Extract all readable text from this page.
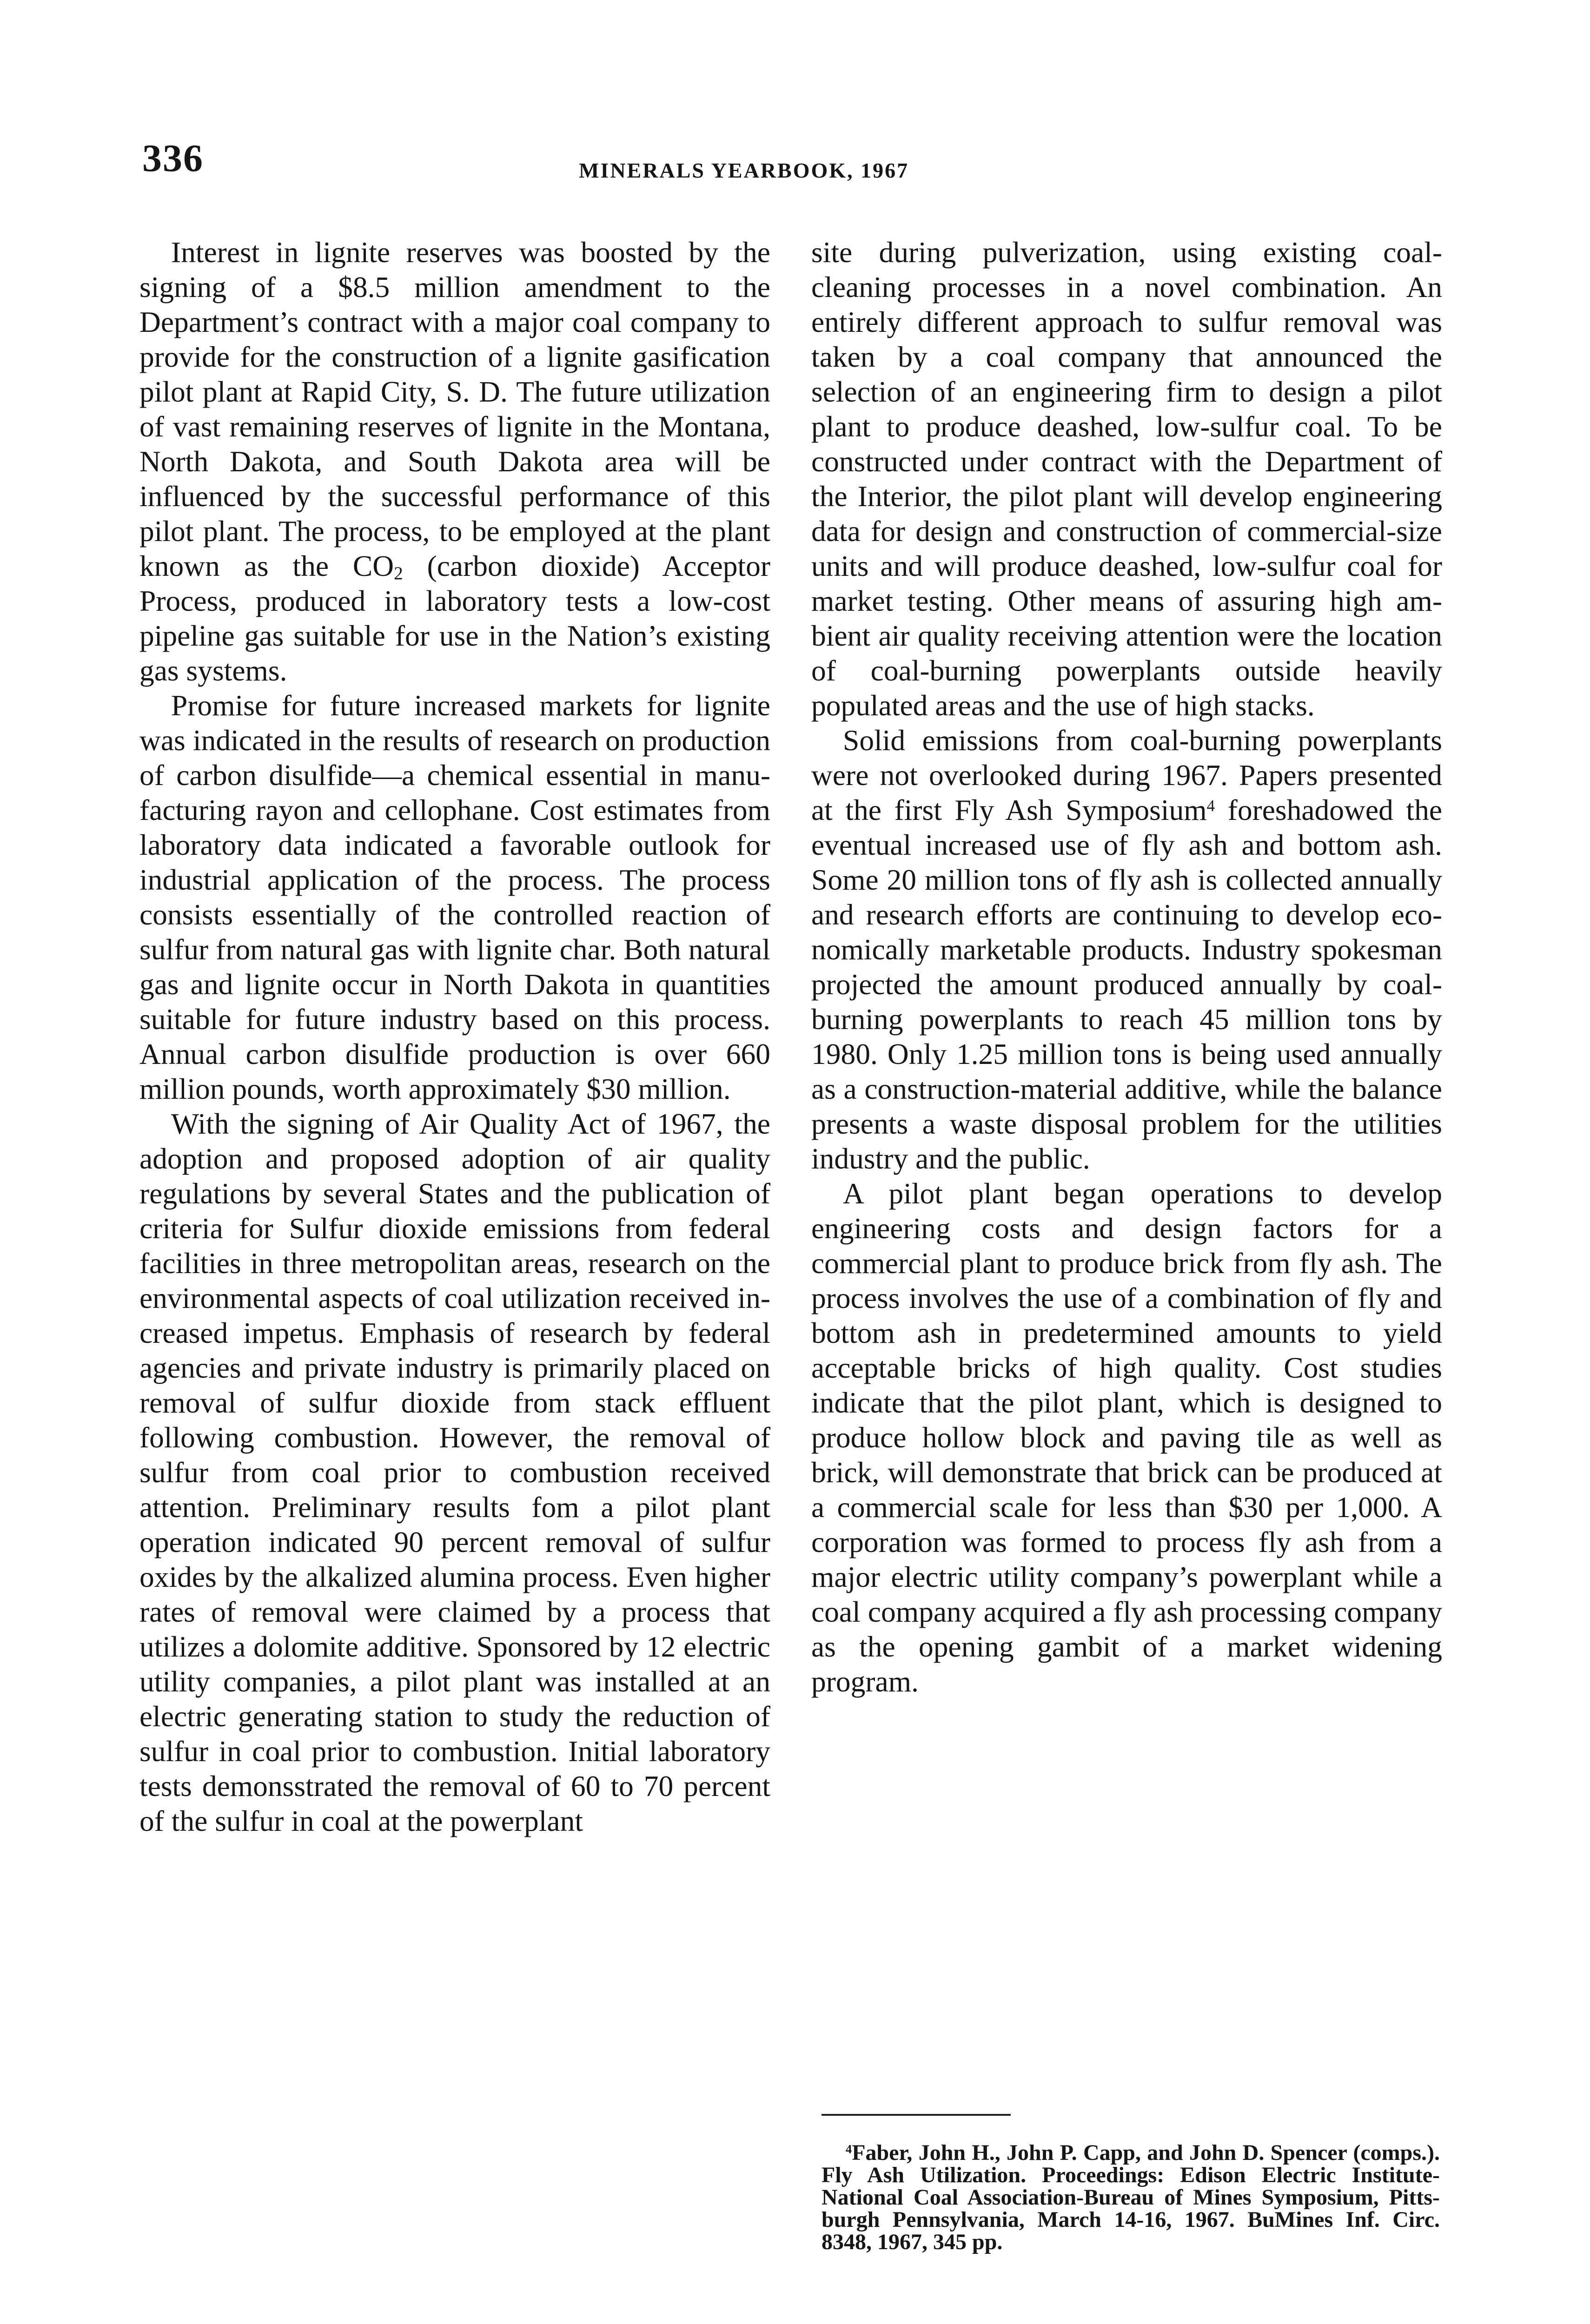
336	MINERALS YEARBOOK, 1967

Interest in lignite reserves was boosted by the signing of a $8.5 million amendment to the Department’s contract with a major coal company to provide for the construction of a lignite gasification pilot plant at Rapid City, S. D. The future utilization of vast remaining reserves of lignite in the Montana, North Dakota, and South Dakota area will be influenced by the successful performance of this pilot plant. The process, to be employed at the plant known as the $CO_2$ (carbon dioxide) Acceptor Process, produced in laboratory tests a low-cost pipeline gas suitable for use in the Nation’s existing gas systems.

Promise for future increased markets for lignite was indicated in the results of research on production of carbon disulfide—a chemical essential in manufacturing rayon and cellophane. Cost estimates from laboratory data indicated a favorable outlook for industrial application of the process. The process consists essentially of the controlled reaction of sulfur from natural gas with lignite char. Both natural gas and lignite occur in North Dakota in quantities suitable for future industry based on this process. Annual carbon disulfide production is over 660 million pounds, worth approximately $30 million.

With the signing of Air Quality Act of 1967, the adoption and proposed adoption of air quality regulations by several States and the publication of criteria for Sulfur dioxide emissions from federal facilities in three metropolitan areas, research on the environmental aspects of coal utilization received increased impetus. Emphasis of research by federal agencies and private industry is primarily placed on removal of sulfur dioxide from stack effluent following combustion. However, the removal of sulfur from coal prior to combustion received attention. Preliminary results fom a pilot plant operation indicated 90 percent removal of sulfur oxides by the alkalized alumina process. Even higher rates of removal were claimed by a process that utilizes a dolomite additive. Sponsored by 12 electric utility companies, a pilot plant was installed at an electric generating station to study the reduction of sulfur in coal prior to combustion. Initial laboratory tests demonsstrated the removal of 60 to 70 percent of the sulfur in coal at the powerplant

site during pulverization, using existing coal-cleaning processes in a novel combination. An entirely different approach to sulfur removal was taken by a coal company that announced the selection of an engineering firm to design a pilot plant to produce deashed, low-sulfur coal. To be constructed under contract with the Department of the Interior, the pilot plant will develop engineering data for design and construction of commercial-size units and will produce deashed, low-sulfur coal for market testing. Other means of assuring high ambient air quality receiving attention were the location of coal-burning powerplants outside heavily populated areas and the use of high stacks.

Solid emissions from coal-burning powerplants were not overlooked during 1967. Papers presented at the first Fly Ash Symposium$^4$ foreshadowed the eventual increased use of fly ash and bottom ash. Some 20 million tons of fly ash is collected annually and research efforts are continuing to develop economically marketable products. Industry spokesman projected the amount produced annually by coal-burning powerplants to reach 45 million tons by 1980. Only 1.25 million tons is being used annually as a construction-material additive, while the balance presents a waste disposal problem for the utilities industry and the public.

A pilot plant began operations to develop engineering costs and design factors for a commercial plant to produce brick from fly ash. The process involves the use of a combination of fly and bottom ash in predetermined amounts to yield acceptable bricks of high quality. Cost studies indicate that the pilot plant, which is designed to produce hollow block and paving tile as well as brick, will demonstrate that brick can be produced at a commercial scale for less than $30 per 1,000. A corporation was formed to process fly ash from a major electric utility company’s powerplant while a coal company acquired a fly ash processing company as the opening gambit of a market widening program.

$^4$Faber, John H., John P. Capp, and John D. Spencer (comps.). Fly Ash Utilization. Proceedings: Edison Electric Institute-National Coal Association-Bureau of Mines Symposium, Pittsburgh Pennsylvania, March 14-16, 1967. BuMines Inf. Circ. 8348, 1967, 345 pp.
